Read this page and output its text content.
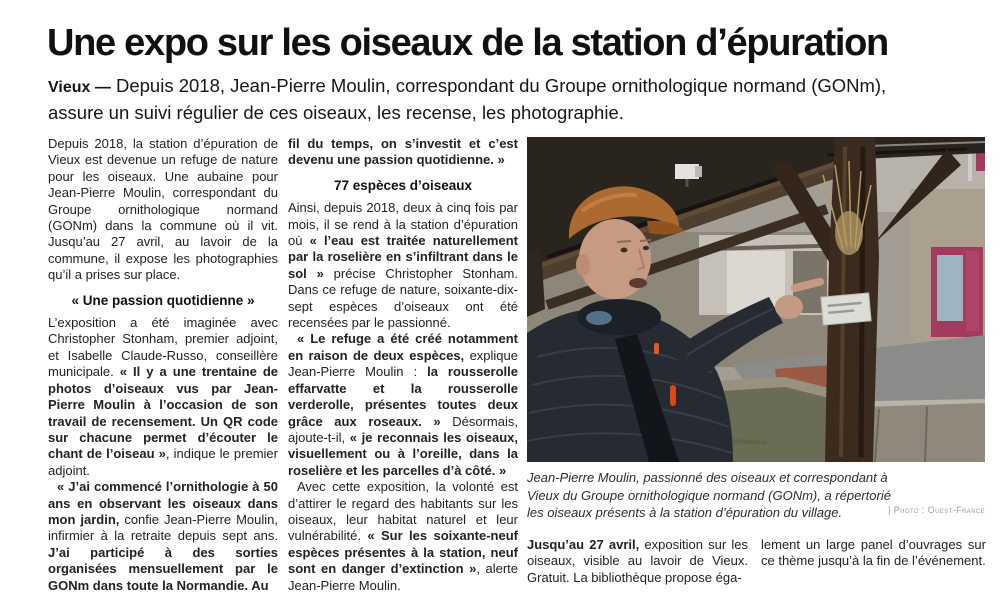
Une expo sur les oiseaux de la station d’épuration

Vieux — Depuis 2018, Jean-Pierre Moulin, correspondant du Groupe ornithologique normand (GONm), assure un suivi régulier de ces oiseaux, les recense, les photographie.

Depuis 2018, la station d’épuration de Vieux est devenue un refuge de nature pour les oiseaux. Une aubaine pour Jean-Pierre Moulin, correspondant du Groupe ornithologique normand (GONm) dans la commune où il vit. Jusqu’au 27 avril, au lavoir de la commune, il expose les photographies qu’il a prises sur place.

« Une passion quotidienne »

L’exposition a été imaginée avec Christopher Stonham, premier adjoint, et Isabelle Claude-Russo, conseillère municipale. « Il y a une trentaine de photos d’oiseaux vus par Jean-Pierre Moulin à l’occasion de son travail de recensement. Un QR code sur chacune permet d’écouter le chant de l’oiseau », indique le premier adjoint.

« J’ai commencé l’ornithologie à 50 ans en observant les oiseaux dans mon jardin, confie Jean-Pierre Moulin, infirmier à la retraite depuis sept ans. J’ai participé à des sorties organisées mensuellement par le GONm dans toute la Normandie. Au

fil du temps, on s’investit et c’est devenu une passion quotidienne. »

77 espèces d’oiseaux

Ainsi, depuis 2018, deux à cinq fois par mois, il se rend à la station d’épuration où « l’eau est traitée naturellement par la roselière en s’infiltrant dans le sol » précise Christopher Stonham. Dans ce refuge de nature, soixante-dix-sept espèces d’oiseaux ont été recensées par le passionné.

« Le refuge a été créé notamment en raison de deux espèces, explique Jean-Pierre Moulin : la rousserolle effarvatte et la rousserolle verderolle, présentes toutes deux grâce aux roseaux. » Désormais, ajoute-t-il, « je reconnais les oiseaux, visuellement ou à l’oreille, dans la roselière et les parcelles d’à côté. »

Avec cette exposition, la volonté est d’attirer le regard des habitants sur les oiseaux, leur habitat naturel et leur vulnérabilité. « Sur les soixante-neuf espèces présentes à la station, neuf sont en danger d’extinction », alerte Jean-Pierre Moulin.

Jean-Pierre Moulin, passionné des oiseaux et correspondant à Vieux du Groupe ornithologique normand (GONm), a répertorié les oiseaux présents à la station d’épuration du village.	| Photo : Ouest-France
Jusqu’au 27 avril, exposition sur les oiseaux, visible au lavoir de Vieux. Gratuit. La bibliothèque propose éga-
lement un large panel d’ouvrages sur ce thème jusqu’à la fin de l’événement.
